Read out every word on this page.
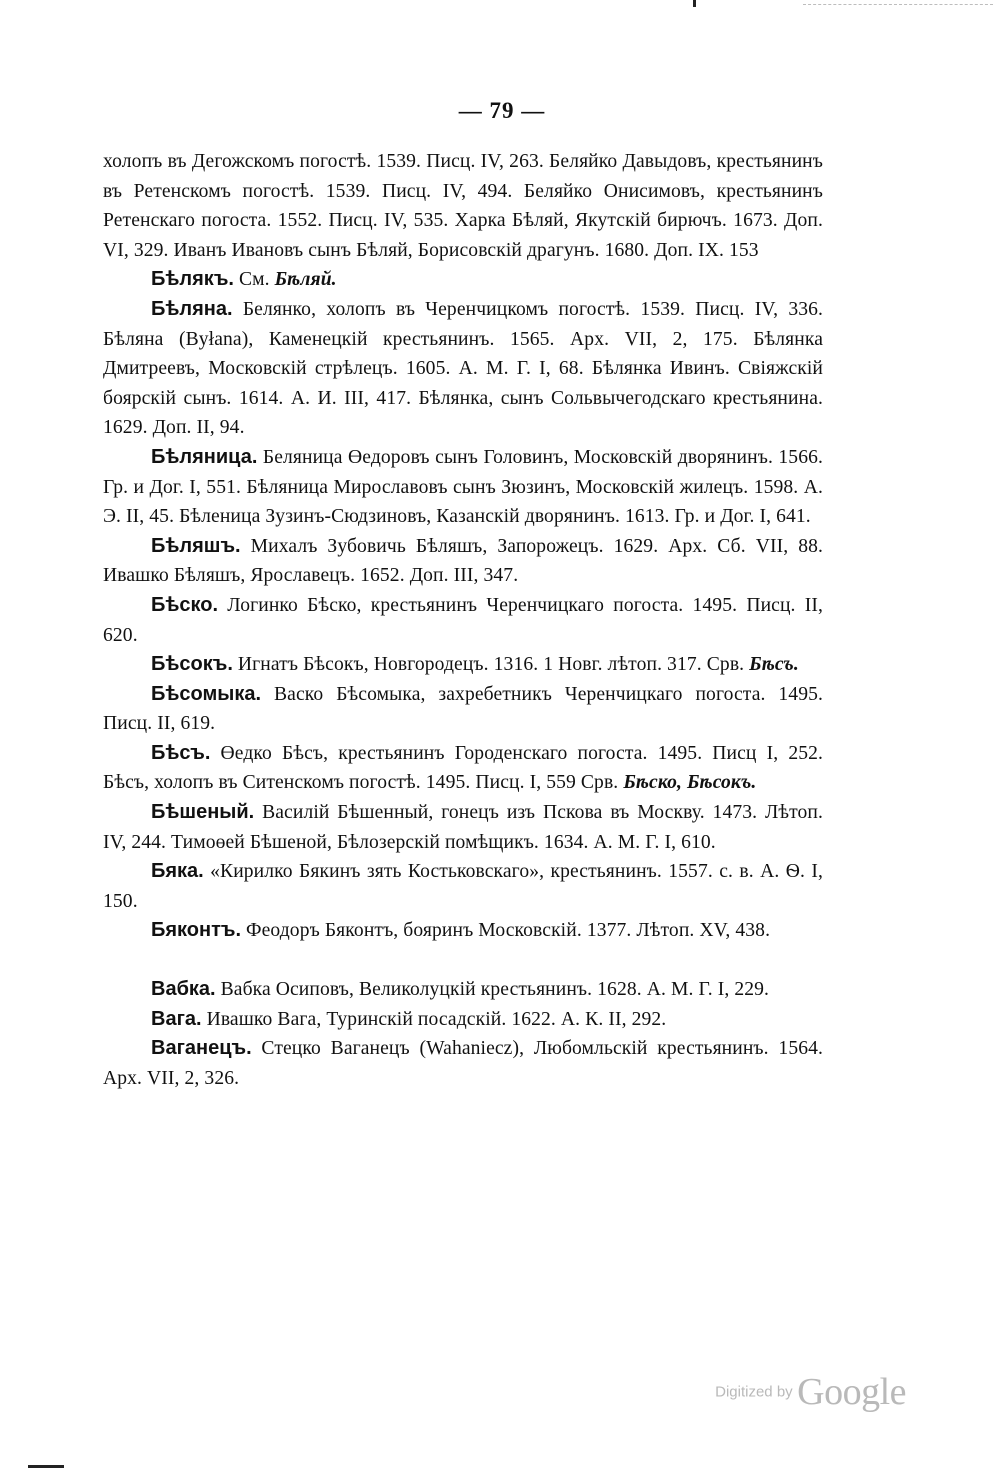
— 79 —

холопъ въ Дегожскомъ погостѣ. 1539. Писц. IV, 263. Беляйко Давыдовъ, крестьянинъ въ Ретенскомъ погостѣ. 1539. Писц. IV, 494. Беляйко Онисимовъ, крестьянинъ Ретенскаго погоста. 1552. Писц. IV, 535. Харка Бѣляй, Якутскій бирючъ. 1673. Доп. VI, 329. Иванъ Ивановъ сынъ Бѣляй, Борисовскій драгунъ. 1680. Доп. IX. 153

Бѣлякъ. См. Бѣляй.

Бѣляна. Белянко, холопъ въ Черенчицкомъ погостѣ. 1539. Писц. IV, 336. Бѣляна (Byłana), Каменецкій крестьянинъ. 1565. Арх. VII, 2, 175. Бѣлянка Дмитреевъ, Московскій стрѣлецъ. 1605. А. М. Г. I, 68. Бѣлянка Ивинъ. Свіяжскій боярскій сынъ. 1614. А. И. III, 417. Бѣлянка, сынъ Сольвычегодскаго крестьянина. 1629. Доп. II, 94.

Бѣляница. Беляница Өедоровъ сынъ Головинъ, Московскій дворянинъ. 1566. Гр. и Дог. I, 551. Бѣляница Мирославовъ сынъ Зюзинъ, Московскій жилецъ. 1598. А. Э. II, 45. Бѣленица Зузинъ-Сюдзиновъ, Казанскій дворянинъ. 1613. Гр. и Дог. I, 641.

Бѣляшъ. Михалъ Зубовичь Бѣляшъ, Запорожецъ. 1629. Арх. Сб. VII, 88. Ивашко Бѣляшъ, Ярославецъ. 1652. Доп. III, 347.

Бѣско. Логинко Бѣско, крестьянинъ Черенчицкаго погоста. 1495. Писц. II, 620.

Бѣсокъ. Игнатъ Бѣсокъ, Новгородецъ. 1316. 1 Новг. лѣтоп. 317. Срв. Бѣсъ.

Бѣсомыка. Васко Бѣсомыка, захребетникъ Черенчицкаго погоста. 1495. Писц. II, 619.

Бѣсъ. Өедко Бѣсъ, крестьянинъ Городенскаго погоста. 1495. Писц I, 252. Бѣсъ, холопъ въ Ситенскомъ погостѣ. 1495. Писц. I, 559 Срв. Бѣско, Бѣсокъ.

Бѣшеный. Василій Бѣшенный, гонецъ изъ Пскова въ Москву. 1473. Лѣтоп. IV, 244. Тимоөей Бѣшеной, Бѣлозерскій помѣщикъ. 1634. А. М. Г. I, 610.

Бяка. «Кирилко Бякинъ зять Костьковскаго», крестьянинъ. 1557. с. в. А. Ѳ. I, 150.

Бяконтъ. Феодоръ Бяконтъ, бояринъ Московскій. 1377. Лѣтоп. XV, 438.

Вабка. Вабка Осиповъ, Великолуцкій крестьянинъ. 1628. А. М. Г. I, 229.

Вага. Ивашко Вага, Туринскій посадскій. 1622. А. К. II, 292.

Ваганецъ. Стецко Ваганецъ (Wahaniecz), Любомльскій крестьянинъ. 1564. Арх. VII, 2, 326.

Digitized by Google
